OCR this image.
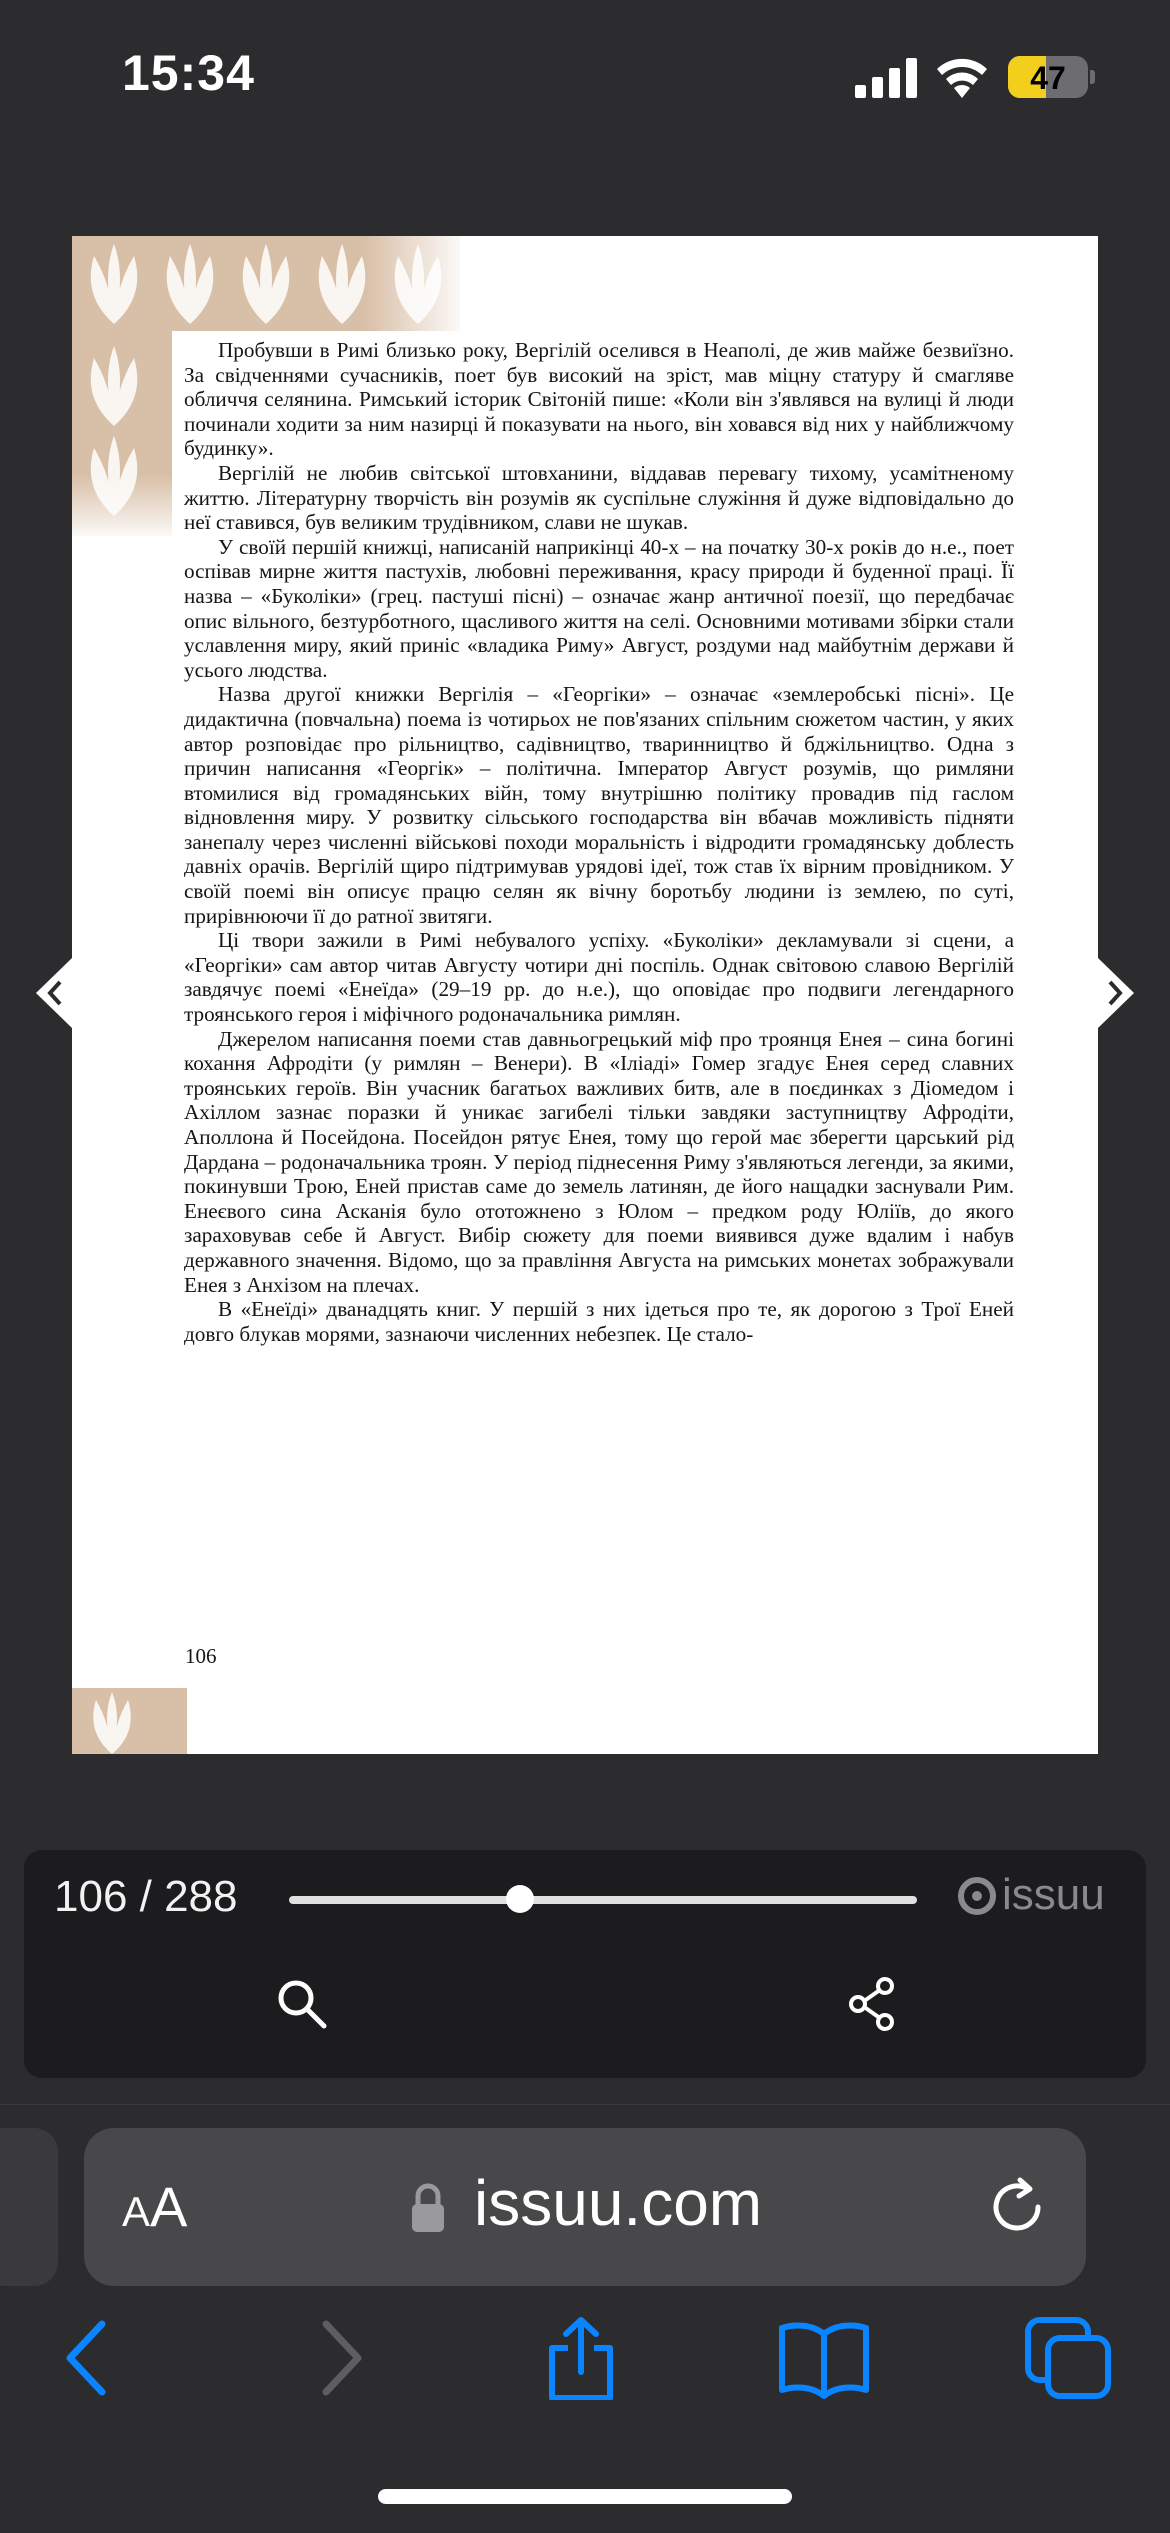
15:34	47

Пробувши в Римі близько року, Вергілій оселився в Неаполі, де жив майже безвиїзно. За свідченнями сучасників, поет був високий на зріст, мав міцну статуру й смагляве обличчя селянина. Римський історик Світоній пише: «Коли він з'являвся на вулиці й люди починали ходити за ним назирці й показувати на нього, він ховався від них у найближчому будинку».

Вергілій не любив світської штовханини, віддавав перевагу тихому, усамітненому життю. Літературну творчість він розумів як суспільне служіння й дуже відповідально до неї ставився, був великим трудівником, слави не шукав.

У своїй першій книжці, написаній наприкінці 40-х – на початку 30-х років до н.е., поет оспівав мирне життя пастухів, любовні переживання, красу природи й буденної праці. Її назва – «Буколіки» (грец. пастуші пісні) – означає жанр античної поезії, що передбачає опис вільного, безтурботного, щасливого життя на селі. Основними мотивами збірки стали уславлення миру, який приніс «владика Риму» Август, роздуми над майбутнім держави й усього людства.

Назва другої книжки Вергілія – «Георгіки» – означає «землеробські пісні». Це дидактична (повчальна) поема із чотирьох не пов'язаних спільним сюжетом частин, у яких автор розповідає про рільництво, садівництво, тваринництво й бджільництво. Одна з причин написання «Георгік» – політична. Імператор Август розумів, що римляни втомилися від громадянських війн, тому внутрішню політику провадив під гаслом відновлення миру. У розвитку сільського господарства він вбачав можливість підняти занепалу через численні військові походи моральність і відродити громадянську доблесть давніх орачів. Вергілій щиро підтримував урядові ідеї, тож став їх вірним провідником. У своїй поемі він описує працю селян як вічну боротьбу людини із землею, по суті, прирівнюючи її до ратної звитяги.

Ці твори зажили в Римі небувалого успіху. «Буколіки» декламували зі сцени, а «Георгіки» сам автор читав Августу чотири дні поспіль. Однак світовою славою Вергілій завдячує поемі «Енеїда» (29–19 рр. до н.е.), що оповідає про подвиги легендарного троянського героя і міфічного родоначальника римлян.

Джерелом написання поеми став давньогрецький міф про троянця Енея – сина богині кохання Афродіти (у римлян – Венери). В «Іліаді» Гомер згадує Енея серед славних троянських героїв. Він учасник багатьох важливих битв, але в поєдинках з Діомедом і Ахіллом зазнає поразки й уникає загибелі тільки завдяки заступництву Афродіти, Аполлона й Посейдона. Посейдон рятує Енея, тому що герой має зберегти царський рід Дардана – родоначальника троян. У період піднесення Риму з'являються легенди, за якими, покинувши Трою, Еней пристав саме до земель латинян, де його нащадки заснували Рим. Енеєвого сина Асканія було ототожнено з Юлом – предком роду Юліїв, до якого зараховував себе й Август. Вибір сюжету для поеми виявився дуже вдалим і набув державного значення. Відомо, що за правління Августа на римських монетах зображували Енея з Анхізом на плечах.

В «Енеїді» дванадцять книг. У першій з них ідеться про те, як дорогою з Трої Еней довго блукав морями, зазнаючи численних небезпек. Це стало-

106
106 / 288	issuu
AA	issuu.com
